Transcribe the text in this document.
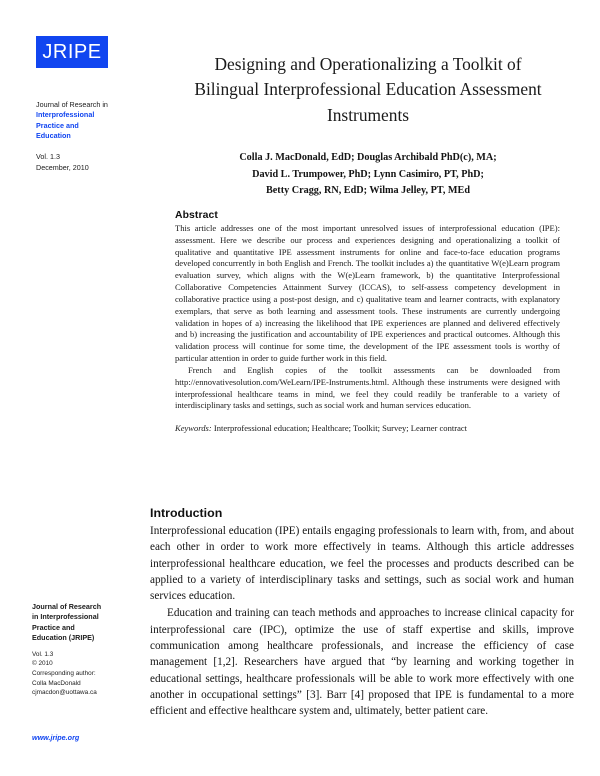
JRIPE
Journal of Research in
Interprofessional
Practice and
Education
Vol. 1.3
December, 2010
Journal of Research
in Interprofessional
Practice and
Education (JRIPE)
Vol. 1.3
© 2010
Corresponding author:
Colla MacDonald
cjmacdon@uottawa.ca
www.jripe.org
Designing and Operationalizing a Toolkit of
Bilingual Interprofessional Education Assessment
Instruments
Colla J. MacDonald, EdD; Douglas Archibald PhD(c), MA;
David L. Trumpower, PhD; Lynn Casimiro, PT, PhD;
Betty Cragg, RN, EdD; Wilma Jelley, PT, MEd
Abstract

This article addresses one of the most important unresolved issues of interprofessional education (IPE): assessment. Here we describe our process and experiences designing and operationalizing a toolkit of qualitative and quantitative IPE assessment instruments for online and face-to-face education programs developed concurrently in both English and French. The toolkit includes a) the quantitative W(e)Learn program evaluation survey, which aligns with the W(e)Learn framework, b) the quantitative Interprofessional Collaborative Competencies Attainment Survey (ICCAS), to self-assess competency development in collaborative practice using a post-post design, and c) qualitative team and learner contracts, with explanatory exemplars, that serve as both learning and assessment tools. These instruments are currently undergoing validation in hopes of a) increasing the likelihood that IPE experiences are planned and delivered effectively and b) increasing the justification and accountability of IPE experiences and practical outcomes. Although this validation process will continue for some time, the development of the IPE assessment tools is worthy of particular attention in order to guide further work in this field.

French and English copies of the toolkit assessments can be downloaded from http://ennovativesolution.com/WeLearn/IPE-Instruments.html. Although these instruments were designed with interprofessional healthcare teams in mind, we feel they could readily be tranferable to a variety of interdisciplinary tasks and settings, such as social work and human services education.

Keywords: Interprofessional education; Healthcare; Toolkit; Survey; Learner contract

Introduction

Interprofessional education (IPE) entails engaging professionals to learn with, from, and about each other in order to work more effectively in teams. Although this article addresses interprofessional healthcare education, we feel the processes and products described can be applied to a variety of interdisciplinary tasks and settings, such as social work and human services education.

Education and training can teach methods and approaches to increase clinical capacity for interprofessional care (IPC), optimize the use of staff expertise and skills, improve communication among healthcare professionals, and increase the efficiency of case management [1,2]. Researchers have argued that “by learning and working together in educational settings, healthcare professionals will be able to work more effectively with one another in occupational settings” [3]. Barr [4] proposed that IPE is fundamental to a more efficient and effective healthcare system and, ultimately, better patient care.
